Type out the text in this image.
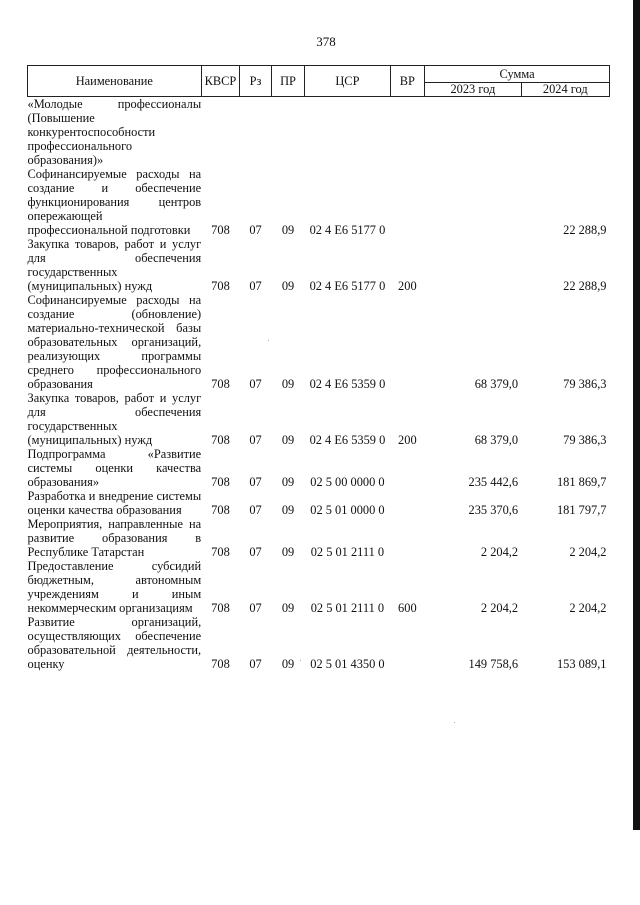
378
Наименование	КВСР	Рз	ПР	ЦСР	ВР	Сумма	
						2023 год	2024 год
«Молодые профессионалы (Повышение конкурентоспособности профессионального образования)»							
Софинансируемые расходы на создание и обеспечение функционирования центров опережающей профессиональной подготовки	708	07	09	02 4 E6 5177 0			22 288,9
Закупка товаров, работ и услуг для обеспечения государственных (муниципальных) нужд	708	07	09	02 4 E6 5177 0	200		22 288,9
Софинансируемые расходы на создание (обновление) материально-технической базы образовательных организаций, реализующих программы среднего профессионального образования	708	07	09	02 4 E6 5359 0		68 379,0	79 386,3
Закупка товаров, работ и услуг для обеспечения государственных (муниципальных) нужд	708	07	09	02 4 E6 5359 0	200	68 379,0	79 386,3
Подпрограмма «Развитие системы оценки качества образования»	708	07	09	02 5 00 0000 0		235 442,6	181 869,7
Разработка и внедрение системы оценки качества образования	708	07	09	02 5 01 0000 0		235 370,6	181 797,7
Мероприятия, направленные на развитие образования в Республике Татарстан	708	07	09	02 5 01 2111 0		2 204,2	2 204,2
Предоставление субсидий бюджетным, автономным учреждениям и иным некоммерческим организациям	708	07	09	02 5 01 2111 0	600	2 204,2	2 204,2
Развитие организаций, осуществляющих обеспечение образовательной деятельности, оценку	708	07	09	02 5 01 4350 0		149 758,6	153 089,1
